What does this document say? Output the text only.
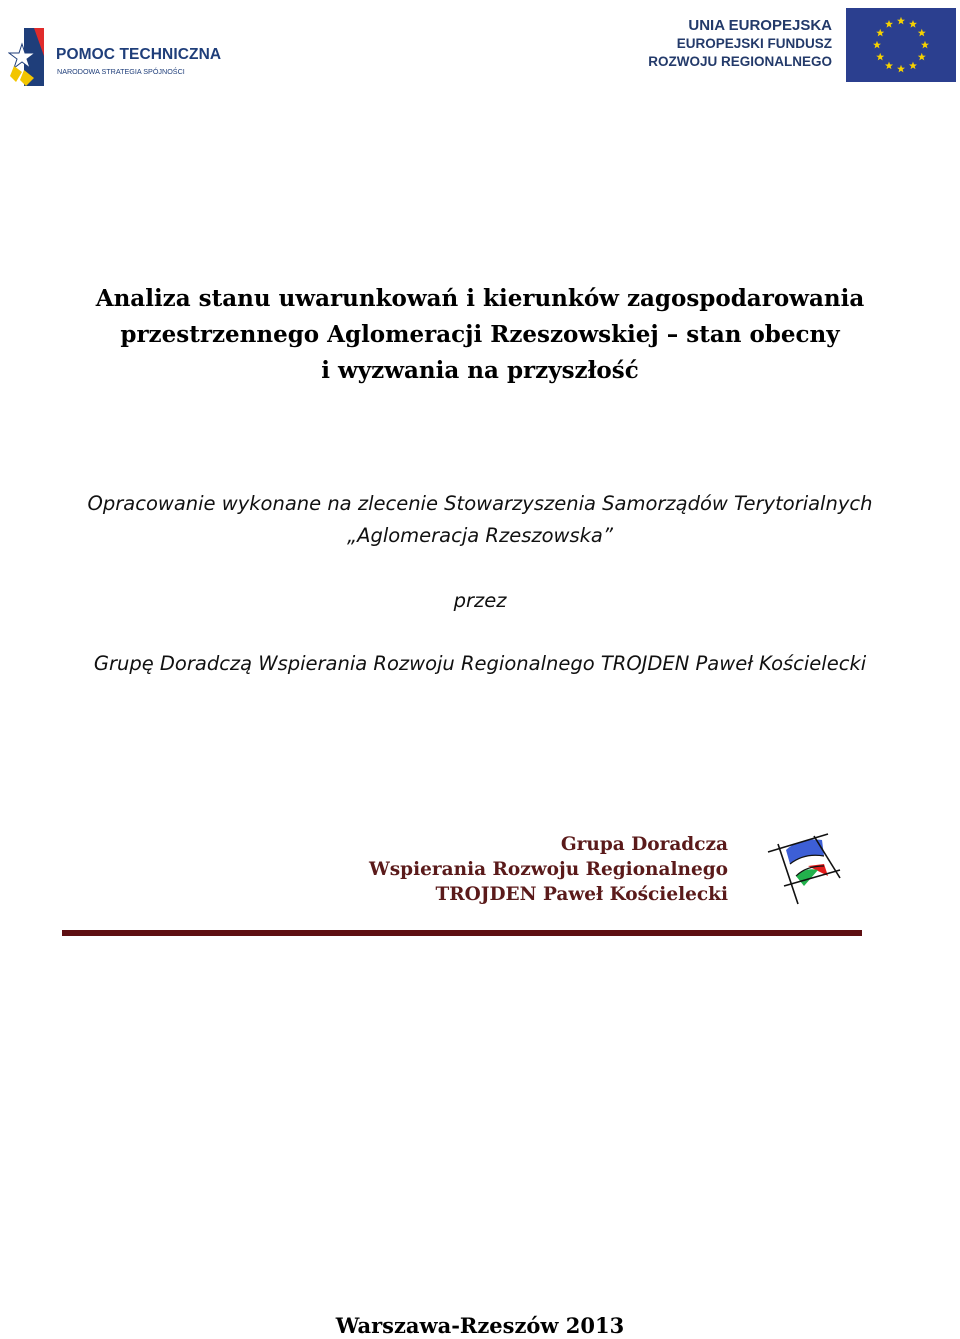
POMOC TECHNICZNA
NARODOWA STRATEGIA SPÓJNOŚCI
UNIA EUROPEJSKA
EUROPEJSKI FUNDUSZ
ROZWOJU REGIONALNEGO
Analiza stanu uwarunkowań i kierunków zagospodarowania
przestrzennego Aglomeracji Rzeszowskiej – stan obecny
i wyzwania na przyszłość
Opracowanie wykonane na zlecenie Stowarzyszenia Samorządów Terytorialnych
„Aglomeracja Rzeszowska”
przez
Grupę Doradczą Wspierania Rozwoju Regionalnego TROJDEN Paweł Kościelecki
Grupa Doradcza
Wspierania Rozwoju Regionalnego
TROJDEN Paweł Kościelecki
Warszawa-Rzeszów 2013
